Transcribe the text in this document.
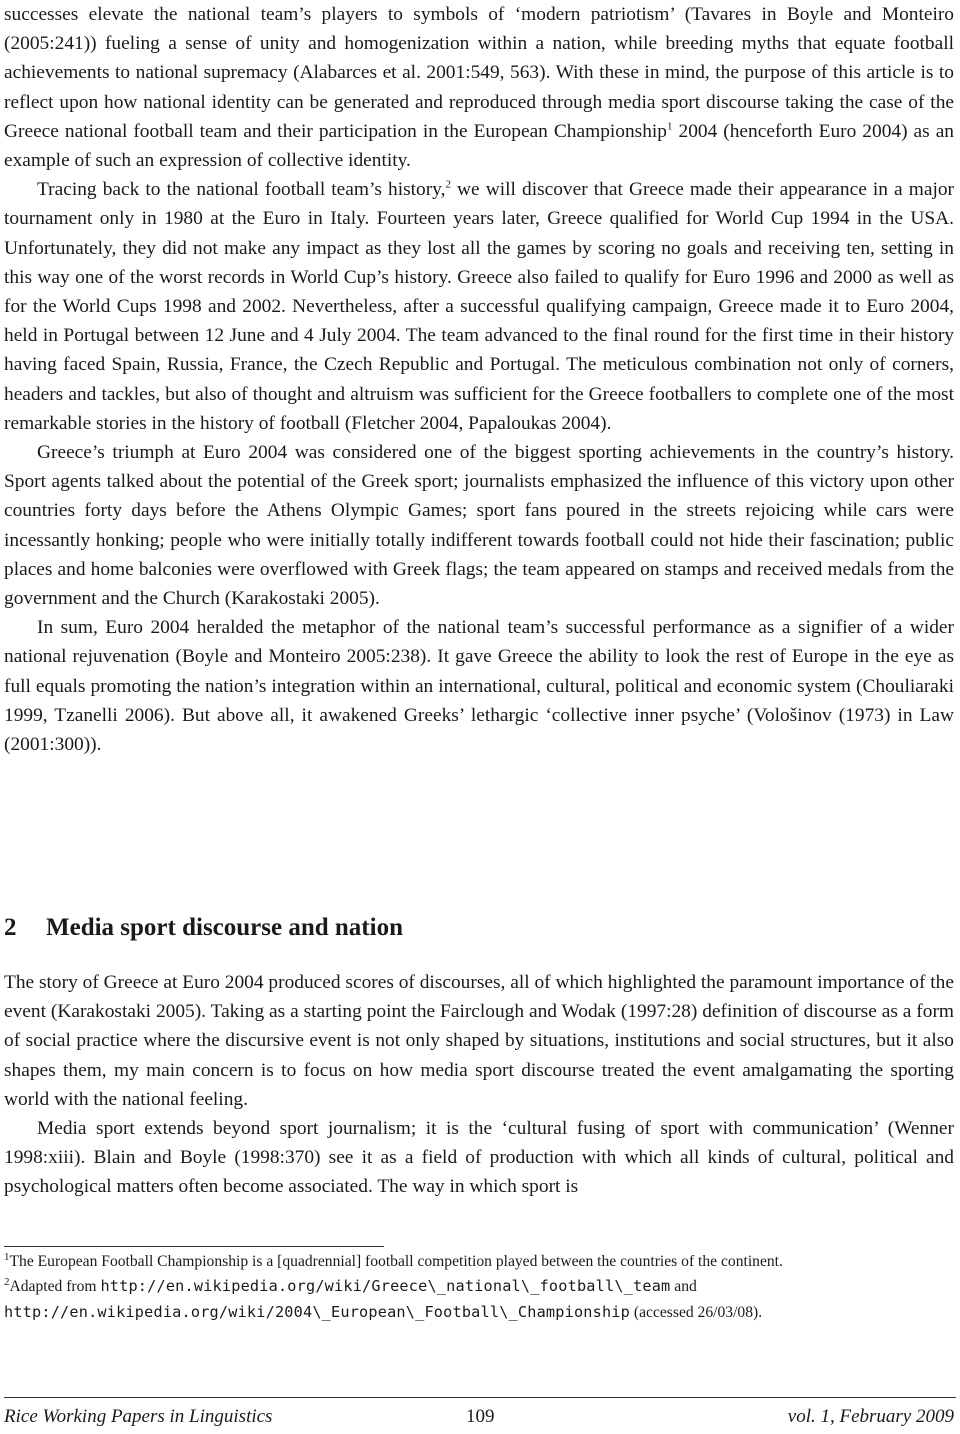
successes elevate the national team’s players to symbols of ‘modern patriotism’ (Tavares in Boyle and Monteiro (2005:241)) fueling a sense of unity and homogenization within a nation, while breeding myths that equate football achievements to national supremacy (Alabarces et al. 2001:549, 563). With these in mind, the purpose of this article is to reflect upon how national identity can be generated and reproduced through media sport discourse taking the case of the Greece national football team and their participation in the European Championship$^1$ 2004 (henceforth Euro 2004) as an example of such an expression of collective identity.

Tracing back to the national football team’s history,$^2$ we will discover that Greece made their appearance in a major tournament only in 1980 at the Euro in Italy. Fourteen years later, Greece qualified for World Cup 1994 in the USA. Unfortunately, they did not make any impact as they lost all the games by scoring no goals and receiving ten, setting in this way one of the worst records in World Cup’s history. Greece also failed to qualify for Euro 1996 and 2000 as well as for the World Cups 1998 and 2002. Nevertheless, after a successful qualifying campaign, Greece made it to Euro 2004, held in Portugal between 12 June and 4 July 2004. The team advanced to the final round for the first time in their history having faced Spain, Russia, France, the Czech Republic and Portugal. The meticulous combination not only of corners, headers and tackles, but also of thought and altruism was sufficient for the Greece footballers to complete one of the most remarkable stories in the history of football (Fletcher 2004, Papaloukas 2004).

Greece’s triumph at Euro 2004 was considered one of the biggest sporting achievements in the country’s history. Sport agents talked about the potential of the Greek sport; journalists emphasized the influence of this victory upon other countries forty days before the Athens Olympic Games; sport fans poured in the streets rejoicing while cars were incessantly honking; people who were initially totally indifferent towards football could not hide their fascination; public places and home balconies were overflowed with Greek flags; the team appeared on stamps and received medals from the government and the Church (Karakostaki 2005).

In sum, Euro 2004 heralded the metaphor of the national team’s successful performance as a signifier of a wider national rejuvenation (Boyle and Monteiro 2005:238). It gave Greece the ability to look the rest of Europe in the eye as full equals promoting the nation’s integration within an international, cultural, political and economic system (Chouliaraki 1999, Tzanelli 2006). But above all, it awakened Greeks’ lethargic ‘collective inner psyche’ (Vološinov (1973) in Law (2001:300)).

2 Media sport discourse and nation

The story of Greece at Euro 2004 produced scores of discourses, all of which highlighted the paramount importance of the event (Karakostaki 2005). Taking as a starting point the Fairclough and Wodak (1997:28) definition of discourse as a form of social practice where the discursive event is not only shaped by situations, institutions and social structures, but it also shapes them, my main concern is to focus on how media sport discourse treated the event amalgamating the sporting world with the national feeling.

Media sport extends beyond sport journalism; it is the ‘cultural fusing of sport with communication’ (Wenner 1998:xiii). Blain and Boyle (1998:370) see it as a field of production with which all kinds of cultural, political and psychological matters often become associated. The way in which sport is

$^1$The European Football Championship is a [quadrennial] football competition played between the countries of the continent.

$^2$Adapted from http://en.wikipedia.org/wiki/Greece\_national\_football\_team and http://en.wikipedia.org/wiki/2004\_European\_Football\_Championship (accessed 26/03/08).

Rice Working Papers in Linguistics	109	vol. 1, February 2009
